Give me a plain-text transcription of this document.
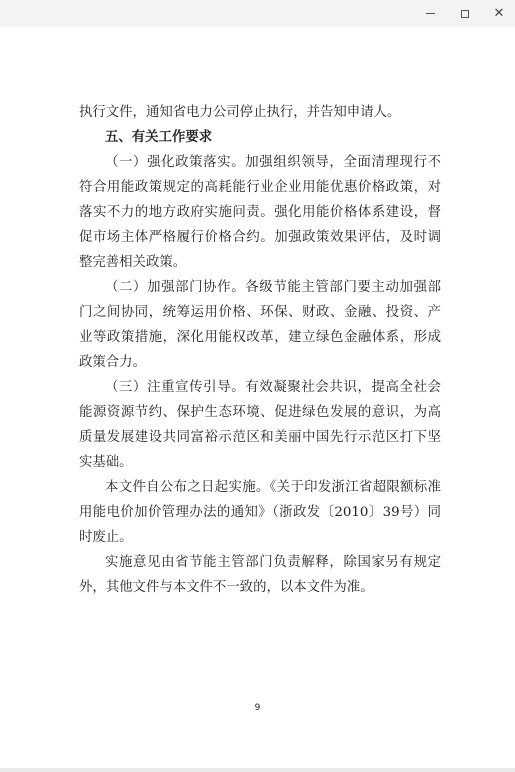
✕
执行文件，通知省电力公司停止执行，并告知申请人。
五、有关工作要求
（一）强化政策落实。加强组织领导，全面清理现行不
符合用能政策规定的高耗能行业企业用能优惠价格政策，对
落实不力的地方政府实施问责。强化用能价格体系建设，督
促市场主体严格履行价格合约。加强政策效果评估，及时调
整完善相关政策。
（二）加强部门协作。各级节能主管部门要主动加强部
门之间协同，统筹运用价格、环保、财政、金融、投资、产
业等政策措施，深化用能权改革，建立绿色金融体系，形成
政策合力。
（三）注重宣传引导。有效凝聚社会共识，提高全社会
能源资源节约、保护生态环境、促进绿色发展的意识，为高
质量发展建设共同富裕示范区和美丽中国先行示范区打下坚
实基础。
本文件自公布之日起实施。《关于印发浙江省超限额标准
用能电价加价管理办法的通知》（浙政发〔2010〕39号）同
时废止。
实施意见由省节能主管部门负责解释，除国家另有规定
外，其他文件与本文件不一致的，以本文件为准。
9
